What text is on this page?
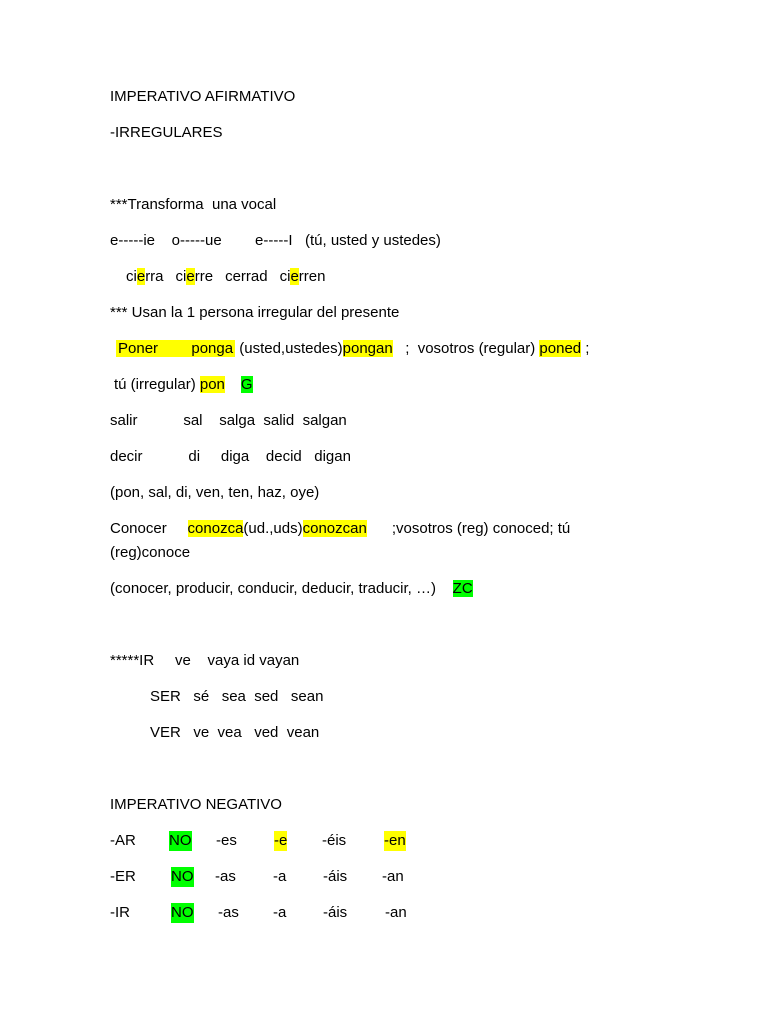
IMPERATIVO AFIRMATIVO
-IRREGULARES
***Transforma  una vocal
e-----ie    o-----ue        e-----I   (tú, usted y ustedes)
cierra cierre cerrad cierren
*** Usan la 1 persona irregular del presente
Poner        ponga (usted,ustedes)pongan   ;  vosotros (regular) poned ;
tú (irregular) pon G
salir           sal    salga  salid  salgan
decir           di     diga    decid   digan
(pon, sal, di, ven, ten, haz, oye)
Conocer     conozca(ud.,uds)conozcan      ;vosotros (reg) conoced; tú
(reg)conoce
(conocer, producir, conducir, deducir, traducir, …)    ZC
*****IR     ve    vaya id vayan
SER   sé   sea  sed   sean
VER   ve  vea   ved  vean
IMPERATIVO NEGATIVO
-AR NO -es -e -éis	-en
-ER NO -as -a -áis -an
-IR	NO -as -a -áis	-an
